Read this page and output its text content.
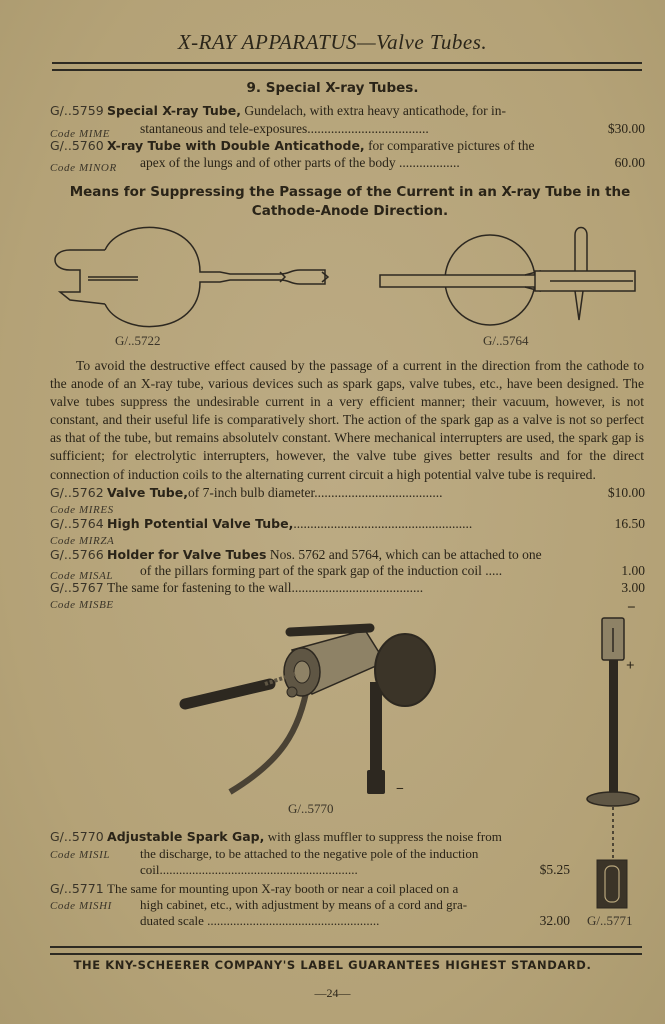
X-RAY APPARATUS—Valve Tubes.
9. Special X-ray Tubes.
G/..5759 Special X-ray Tube, Gundelach, with extra heavy anticathode, for in-
Code MIME stantaneous and tele-exposures....................................	$30.00
G/..5760 X-ray Tube with Double Anticathode, for comparative pictures of the
Code MINOR apex of the lungs and of other parts of the body ..................	60.00
Means for Suppressing the Passage of the Current in an X-ray Tube in the Cathode-Anode Direction.
G/..5722	G/..5764

To avoid the destructive effect caused by the passage of a current in the direction from the cathode to the anode of an X-ray tube, various devices such as spark gaps, valve tubes, etc., have been designed. The valve tubes suppress the undesirable current in a very efficient manner; their vacuum, however, is not constant, and their useful life is comparatively short. The action of the spark gap as a valve is not so perfect as that of the tube, but remains absolutelv constant. Where mechanical interrupters are used, the spark gap is sufficient; for electrolytic interrupters, however, the valve tube gives better results and for the direct connection of induction coils to the alternating current circuit a high potential valve tube is required.

G/..5762 Valve Tube,of 7-inch bulb diameter......................................	$10.00
Code MIRES
G/..5764 High Potential Valve Tube,.....................................................	16.50
Code MIRZA
G/..5766 Holder for Valve Tubes Nos. 5762 and 5764, which can be attached to one
Code MISAL of the pillars forming part of the spark gap of the induction coil .....	1.00
G/..5767 The same for fastening to the wall.......................................	3.00
Code MISBE
−
G/..5770
−
+
G/..5770 Adjustable Spark Gap, with glass muffler to suppress the noise from
Code MISIL the discharge, to be attached to the negative pole of the induction
coil.............................................................	$5.25
G/..5771 The same for mounting upon X-ray booth or near a coil placed on a
Code MISHI high cabinet, etc., with adjustment by means of a cord and gra-
duated scale .....................................................	32.00 G/..5771
THE KNY-SCHEERER COMPANY'S LABEL GUARANTEES HIGHEST STANDARD.
—24—
